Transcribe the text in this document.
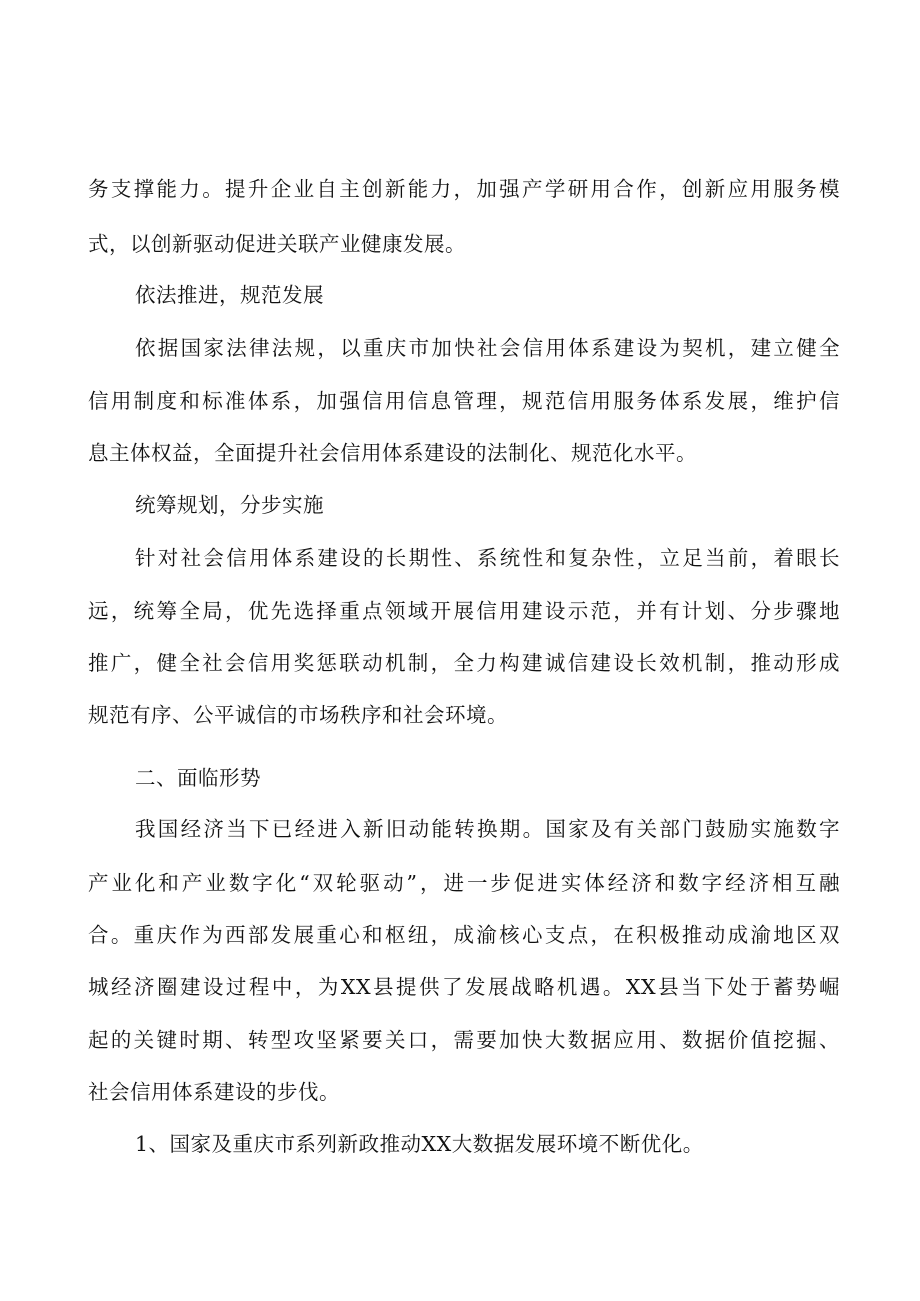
务支撑能力。提升企业自主创新能力，加强产学研用合作，创新应用服务模
式，以创新驱动促进关联产业健康发展。
依法推进，规范发展
依据国家法律法规，以重庆市加快社会信用体系建设为契机，建立健全
信用制度和标准体系，加强信用信息管理，规范信用服务体系发展，维护信
息主体权益，全面提升社会信用体系建设的法制化、规范化水平。
统筹规划，分步实施
针对社会信用体系建设的长期性、系统性和复杂性，立足当前，着眼长
远，统筹全局，优先选择重点领域开展信用建设示范，并有计划、分步骤地
推广，健全社会信用奖惩联动机制，全力构建诚信建设长效机制，推动形成
规范有序、公平诚信的市场秩序和社会环境。
二、面临形势
我国经济当下已经进入新旧动能转换期。国家及有关部门鼓励实施数字
产业化和产业数字化“双轮驱动”，进一步促进实体经济和数字经济相互融
合。重庆作为西部发展重心和枢纽，成渝核心支点，在积极推动成渝地区双
城经济圈建设过程中，为XX县提供了发展战略机遇。XX县当下处于蓄势崛
起的关键时期、转型攻坚紧要关口，需要加快大数据应用、数据价值挖掘、
社会信用体系建设的步伐。
1、国家及重庆市系列新政推动XX大数据发展环境不断优化。
